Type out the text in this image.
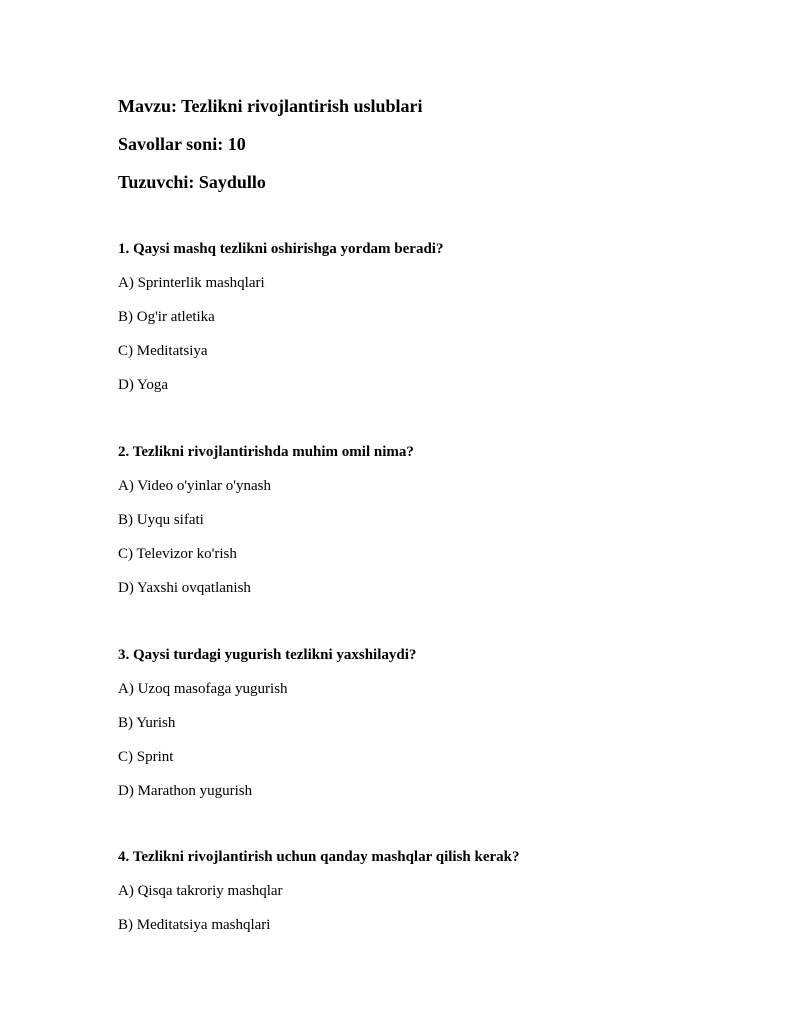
Mavzu: Tezlikni rivojlantirish uslublari
Savollar soni: 10
Tuzuvchi: Saydullo
1. Qaysi mashq tezlikni oshirishga yordam beradi?
A) Sprinterlik mashqlari
B) Og'ir atletika
C) Meditatsiya
D) Yoga
2. Tezlikni rivojlantirishda muhim omil nima?
A) Video o'yinlar o'ynash
B) Uyqu sifati
C) Televizor ko'rish
D) Yaxshi ovqatlanish
3. Qaysi turdagi yugurish tezlikni yaxshilaydi?
A) Uzoq masofaga yugurish
B) Yurish
C) Sprint
D) Marathon yugurish
4. Tezlikni rivojlantirish uchun qanday mashqlar qilish kerak?
A) Qisqa takroriy mashqlar
B) Meditatsiya mashqlari
